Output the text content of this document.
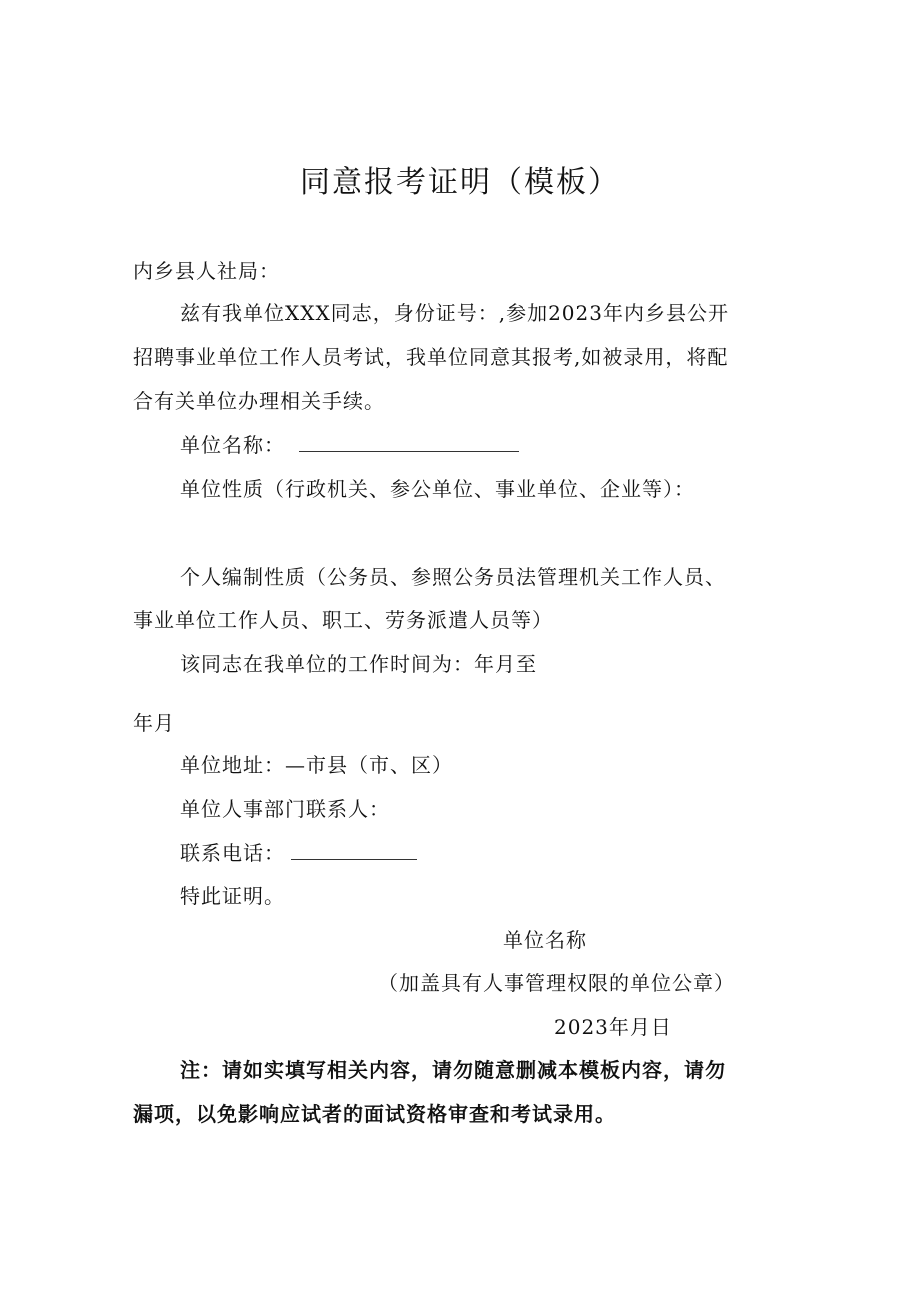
同意报考证明（模板）
内乡县人社局：
兹有我单位XXX同志，身份证号：,参加2023年内乡县公开
招聘事业单位工作人员考试，我单位同意其报考,如被录用，将配
合有关单位办理相关手续。
单位名称：
单位性质（行政机关、参公单位、事业单位、企业等）：
个人编制性质（公务员、参照公务员法管理机关工作人员、
事业单位工作人员、职工、劳务派遣人员等）
该同志在我单位的工作时间为：年月至
年月
单位地址：—市县（市、区）
单位人事部门联系人：
联系电话：
特此证明。
单位名称
（加盖具有人事管理权限的单位公章）
2023年月日
注：请如实填写相关内容，请勿随意删减本模板内容，请勿
漏项，以免影响应试者的面试资格审查和考试录用。
